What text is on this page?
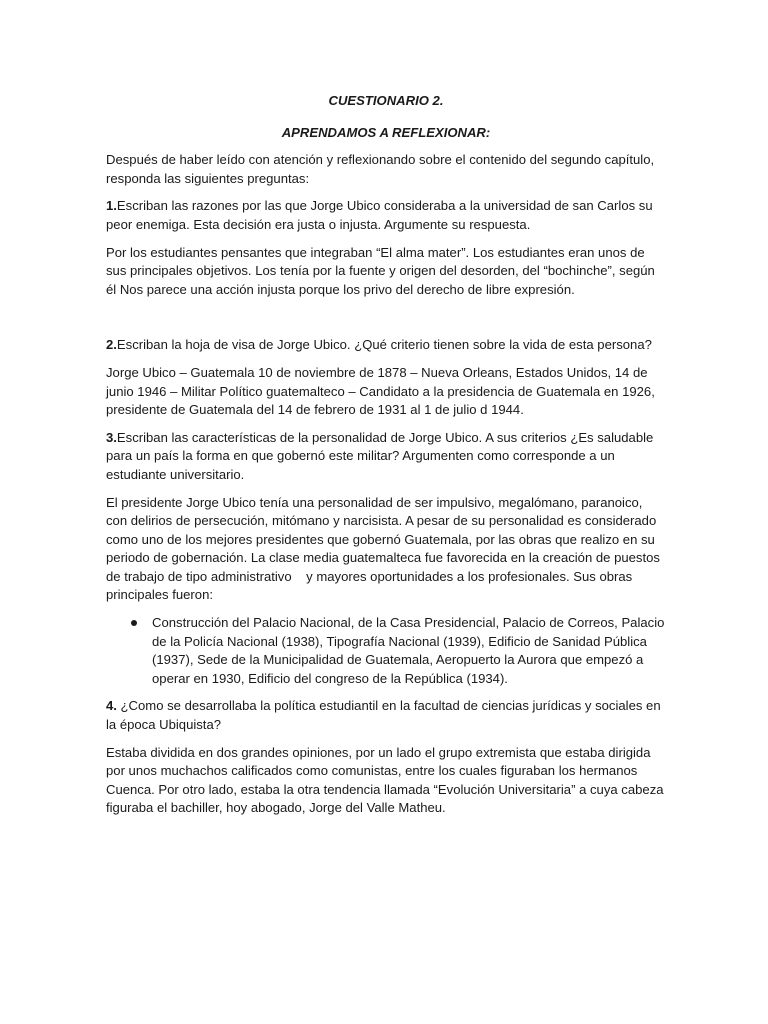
CUESTIONARIO 2.

APRENDAMOS A REFLEXIONAR:

Después de haber leído con atención y reflexionando sobre el contenido del segundo capítulo, responda las siguientes preguntas:

1.Escriban las razones por las que Jorge Ubico consideraba a la universidad de san Carlos su peor enemiga. Esta decisión era justa o injusta. Argumente su respuesta.

Por los estudiantes pensantes que integraban “El alma mater”. Los estudiantes eran unos de sus principales objetivos. Los tenía por la fuente y origen del desorden, del “bochinche”, según él Nos parece una acción injusta porque los privo del derecho de libre expresión.

2.Escriban la hoja de visa de Jorge Ubico. ¿Qué criterio tienen sobre la vida de esta persona?

Jorge Ubico – Guatemala 10 de noviembre de 1878 – Nueva Orleans, Estados Unidos, 14 de junio 1946 – Militar Político guatemalteco – Candidato a la presidencia de Guatemala en 1926, presidente de Guatemala del 14 de febrero de 1931 al 1 de julio d 1944.

3.Escriban las características de la personalidad de Jorge Ubico. A sus criterios ¿Es saludable para un país la forma en que gobernó este militar? Argumenten como corresponde a un estudiante universitario.

El presidente Jorge Ubico tenía una personalidad de ser impulsivo, megalómano, paranoico, con delirios de persecución, mitómano y narcisista. A pesar de su personalidad es considerado como uno de los mejores presidentes que gobernó Guatemala, por las obras que realizo en su periodo de gobernación. La clase media guatemalteca fue favorecida en la creación de puestos de trabajo de tipo administrativo    y mayores oportunidades a los profesionales. Sus obras principales fueron:

Construcción del Palacio Nacional, de la Casa Presidencial, Palacio de Correos, Palacio de la Policía Nacional (1938), Tipografía Nacional (1939), Edificio de Sanidad Pública (1937), Sede de la Municipalidad de Guatemala, Aeropuerto la Aurora que empezó a operar en 1930, Edificio del congreso de la República (1934).

4. ¿Como se desarrollaba la política estudiantil en la facultad de ciencias jurídicas y sociales en la época Ubiquista?

Estaba dividida en dos grandes opiniones, por un lado el grupo extremista que estaba dirigida por unos muchachos calificados como comunistas, entre los cuales figuraban los hermanos Cuenca. Por otro lado, estaba la otra tendencia llamada “Evolución Universitaria” a cuya cabeza figuraba el bachiller, hoy abogado, Jorge del Valle Matheu.
